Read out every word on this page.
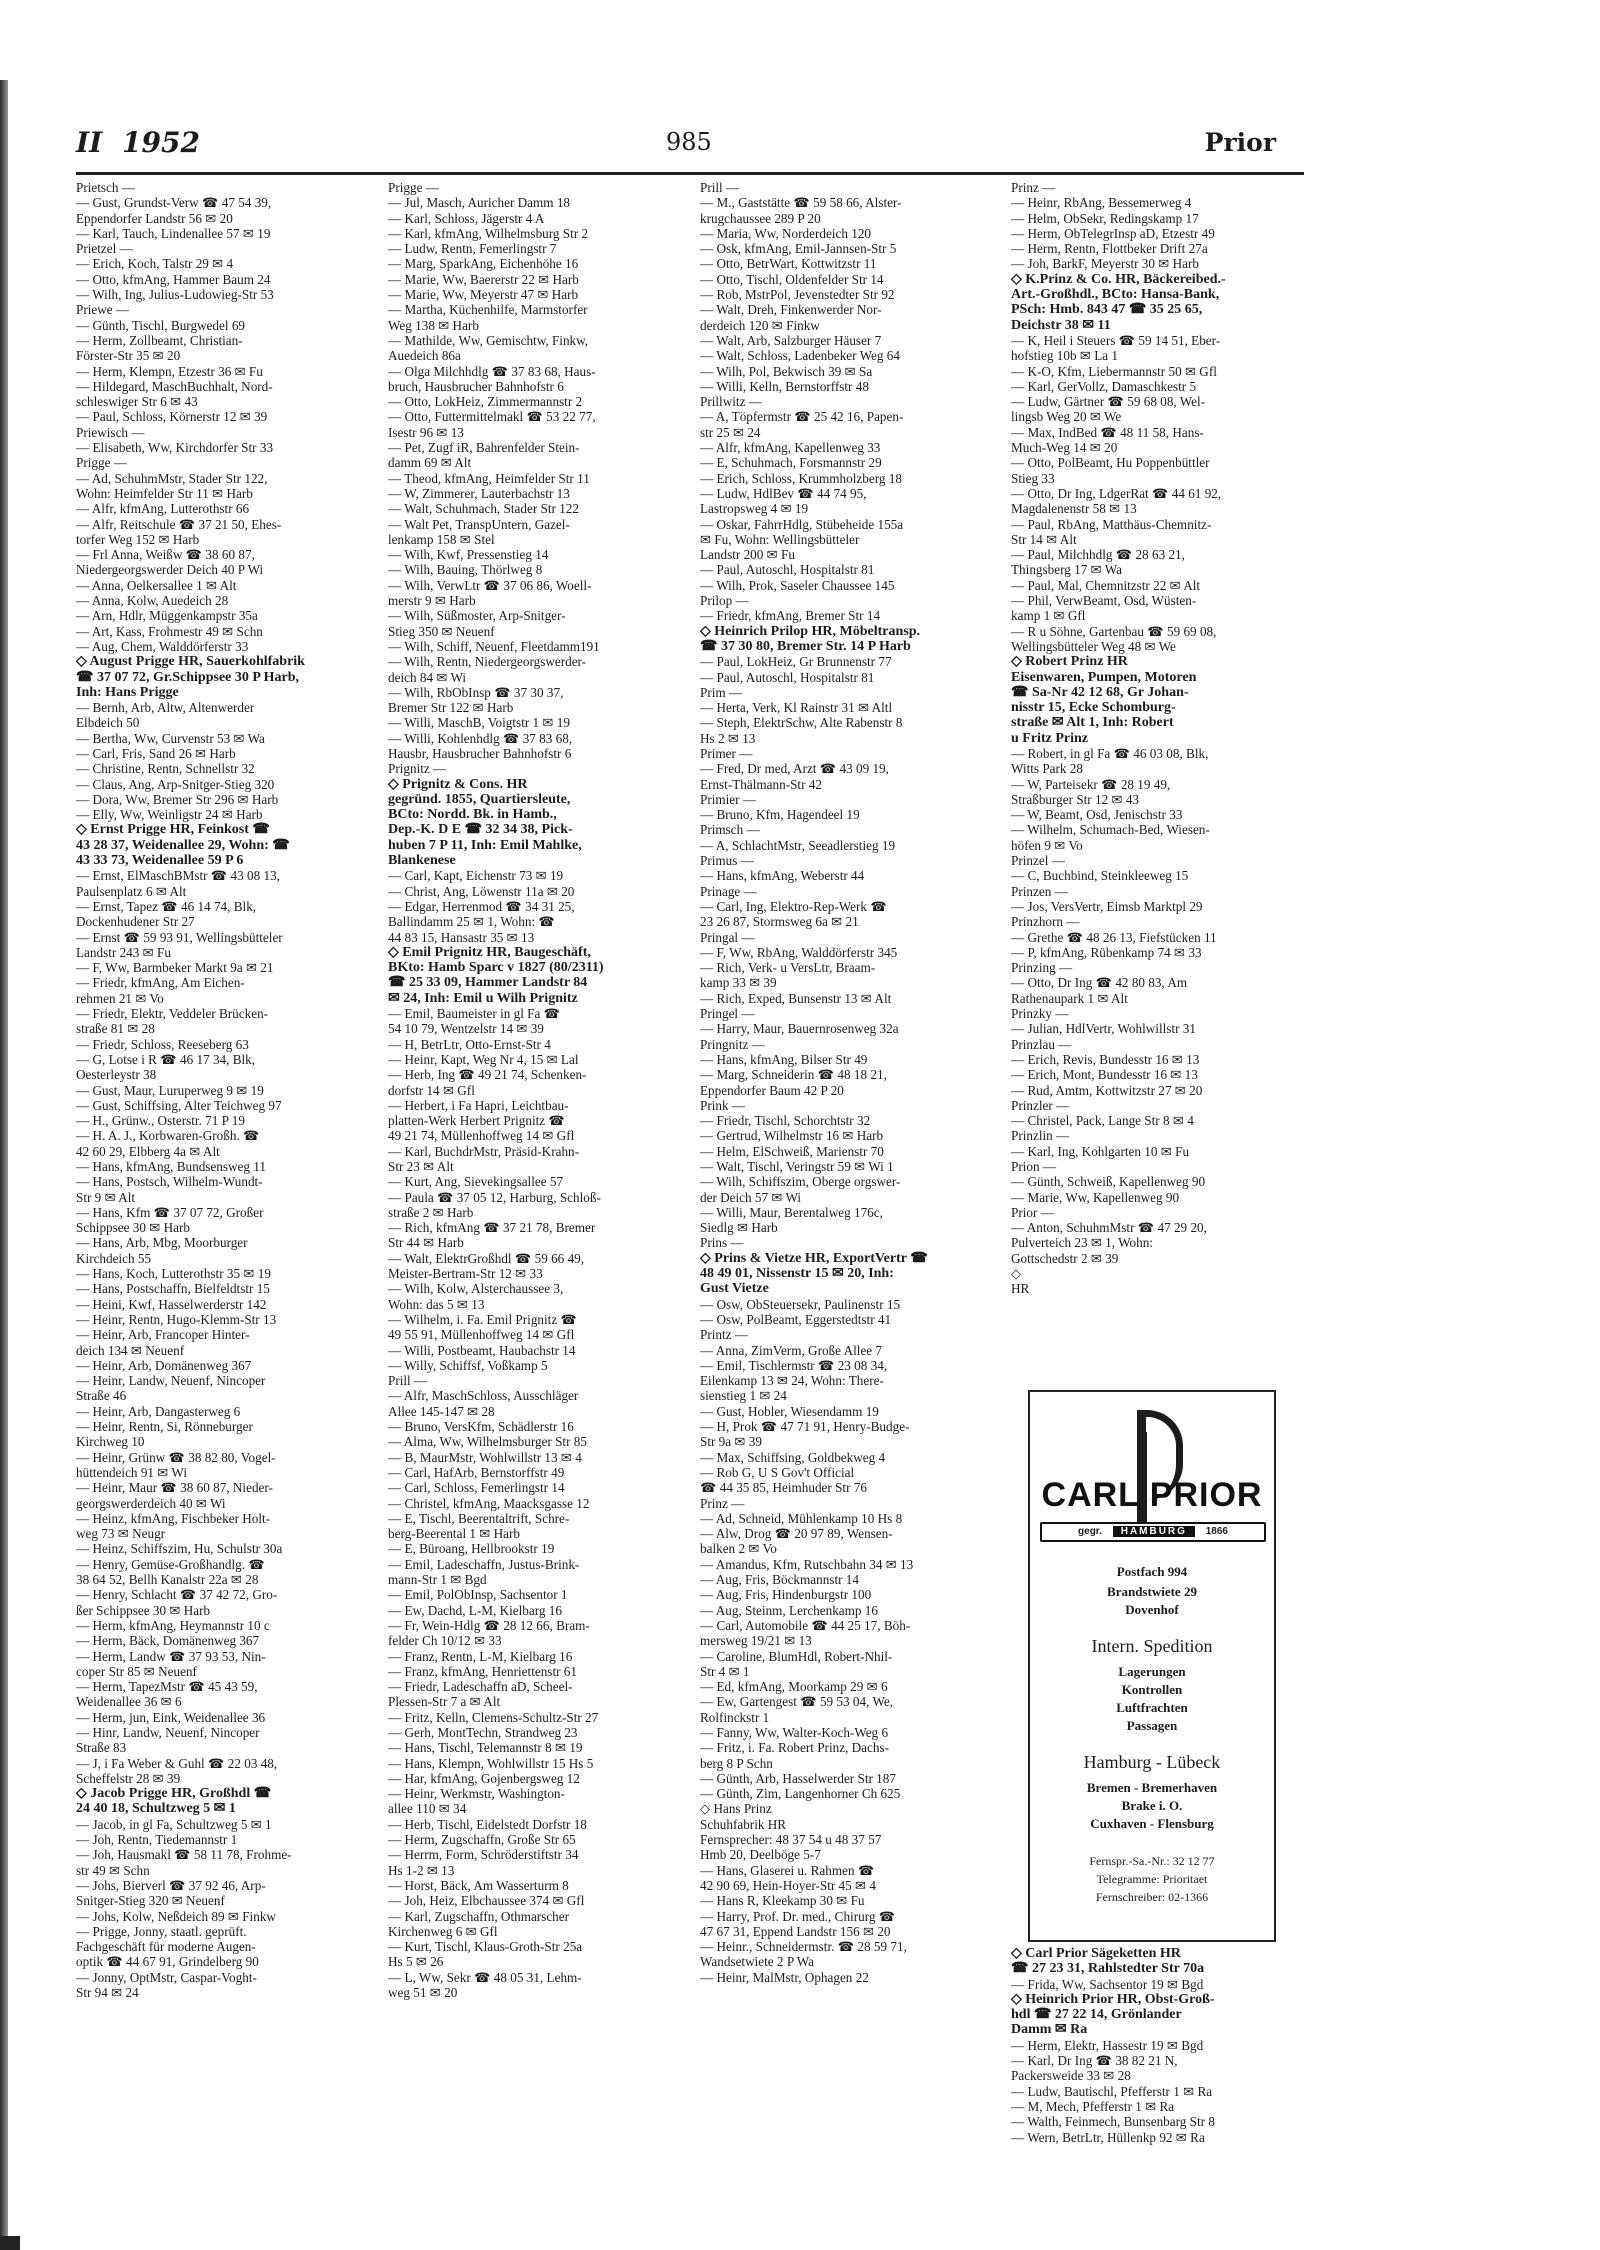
II 1952	985	Prior
Prietsch —
— Gust, Grundst-Verw ☎ 47 54 39,
Eppendorfer Landstr 56 ✉ 20
— Karl, Tauch, Lindenallee 57 ✉ 19
Prietzel —
— Erich, Koch, Talstr 29 ✉ 4
— Otto, kfmAng, Hammer Baum 24
— Wilh, Ing, Julius-Ludowieg-Str 53
Priewe —
— Günth, Tischl, Burgwedel 69
— Herm, Zollbeamt, Christian-
Förster-Str 35 ✉ 20
— Herm, Klempn, Etzestr 36 ✉ Fu
— Hildegard, MaschBuchhalt, Nord-
schleswiger Str 6 ✉ 43
— Paul, Schloss, Körnerstr 12 ✉ 39
Priewisch —
— Elisabeth, Ww, Kirchdorfer Str 33
Prigge —
— Ad, SchuhmMstr, Stader Str 122,
Wohn: Heimfelder Str 11 ✉ Harb
— Alfr, kfmAng, Lutterothstr 66
— Alfr, Reitschule ☎ 37 21 50, Ehes-
torfer Weg 152 ✉ Harb
— Frl Anna, Weißw ☎ 38 60 87,
Niedergeorgswerder Deich 40 P Wi
— Anna, Oelkersallee 1 ✉ Alt
— Anna, Kolw, Auedeich 28
— Arn, Hdlr, Müggenkampstr 35a
— Art, Kass, Frohmestr 49 ✉ Schn
— Aug, Chem, Walddörferstr 33
◇ August Prigge HR, Sauerkohlfabrik
☎ 37 07 72, Gr.Schippsee 30 P Harb,
Inh: Hans Prigge
— Bernh, Arb, Altw, Altenwerder
Elbdeich 50
— Bertha, Ww, Curvenstr 53 ✉ Wa
— Carl, Fris, Sand 26 ✉ Harb
— Christine, Rentn, Schnellstr 32
— Claus, Ang, Arp-Snitger-Stieg 320
— Dora, Ww, Bremer Str 296 ✉ Harb
— Elly, Ww, Weinligstr 24 ✉ Harb
◇ Ernst Prigge HR, Feinkost ☎
43 28 37, Weidenallee 29, Wohn: ☎
43 33 73, Weidenallee 59 P 6
— Ernst, ElMaschBMstr ☎ 43 08 13,
Paulsenplatz 6 ✉ Alt
— Ernst, Tapez ☎ 46 14 74, Blk,
Dockenhudener Str 27
— Ernst ☎ 59 93 91, Wellingsbütteler
Landstr 243 ✉ Fu
— F, Ww, Barmbeker Markt 9a ✉ 21
— Friedr, kfmAng, Am Eichen-
rehmen 21 ✉ Vo
— Friedr, Elektr, Veddeler Brücken-
straße 81 ✉ 28
— Friedr, Schloss, Reeseberg 63
— G, Lotse i R ☎ 46 17 34, Blk,
Oesterleystr 38
— Gust, Maur, Luruperweg 9 ✉ 19
— Gust, Schiffsing, Alter Teichweg 97
— H., Grünw., Osterstr. 71 P 19
— H. A. J., Korbwaren-Großh. ☎
42 60 29, Elbberg 4a ✉ Alt
— Hans, kfmAng, Bundsensweg 11
— Hans, Postsch, Wilhelm-Wundt-
Str 9 ✉ Alt
— Hans, Kfm ☎ 37 07 72, Großer
Schippsee 30 ✉ Harb
— Hans, Arb, Mbg, Moorburger
Kirchdeich 55
— Hans, Koch, Lutterothstr 35 ✉ 19
— Hans, Postschaffn, Bielfeldtstr 15
— Heini, Kwf, Hasselwerderstr 142
— Heinr, Rentn, Hugo-Klemm-Str 13
— Heinr, Arb, Francoper Hinter-
deich 134 ✉ Neuenf
— Heinr, Arb, Domänenweg 367
— Heinr, Landw, Neuenf, Nincoper
Straße 46
— Heinr, Arb, Dangasterweg 6
— Heinr, Rentn, Si, Rönneburger
Kirchweg 10
— Heinr, Grünw ☎ 38 82 80, Vogel-
hüttendeich 91 ✉ Wi
— Heinr, Maur ☎ 38 60 87, Nieder-
georgswerderdeich 40 ✉ Wi
— Heinz, kfmAng, Fischbeker Holt-
weg 73 ✉ Neugr
— Heinz, Schiffszim, Hu, Schulstr 30a
— Henry, Gemüse-Großhandlg. ☎
38 64 52, Bellh Kanalstr 22a ✉ 28
— Henry, Schlacht ☎ 37 42 72, Gro-
ßer Schippsee 30 ✉ Harb
— Herm, kfmAng, Heymannstr 10 c
— Herm, Bäck, Domänenweg 367
— Herm, Landw ☎ 37 93 53, Nin-
coper Str 85 ✉ Neuenf
— Herm, TapezMstr ☎ 45 43 59,
Weidenallee 36 ✉ 6
— Herm, jun, Eink, Weidenallee 36
— Hinr, Landw, Neuenf, Nincoper
Straße 83
— J, i Fa Weber & Guhl ☎ 22 03 48,
Scheffelstr 28 ✉ 39
◇ Jacob Prigge HR, Großhdl ☎
24 40 18, Schultzweg 5 ✉ 1
— Jacob, in gl Fa, Schultzweg 5 ✉ 1
— Joh, Rentn, Tiedemannstr 1
— Joh, Hausmakl ☎ 58 11 78, Frohme-
str 49 ✉ Schn
— Johs, Bierverl ☎ 37 92 46, Arp-
Snitger-Stieg 320 ✉ Neuenf
— Johs, Kolw, Neßdeich 89 ✉ Finkw
— Prigge, Jonny, staatl. geprüft.
Fachgeschäft für moderne Augen-
optik ☎ 44 67 91, Grindelberg 90
— Jonny, OptMstr, Caspar-Voght-
Str 94 ✉ 24
Prigge —
— Jul, Masch, Auricher Damm 18
— Karl, Schloss, Jägerstr 4 A
— Karl, kfmAng, Wilhelmsburg Str 2
— Ludw, Rentn, Femerlingstr 7
— Marg, SparkAng, Eichenhöhe 16
— Marie, Ww, Baererstr 22 ✉ Harb
— Marie, Ww, Meyerstr 47 ✉ Harb
— Martha, Küchenhilfe, Marmstorfer
Weg 138 ✉ Harb
— Mathilde, Ww, Gemischtw, Finkw,
Auedeich 86a
— Olga Milchhdlg ☎ 37 83 68, Haus-
bruch, Hausbrucher Bahnhofstr 6
— Otto, LokHeiz, Zimmermannstr 2
— Otto, Futtermittelmakl ☎ 53 22 77,
Isestr 96 ✉ 13
— Pet, Zugf iR, Bahrenfelder Stein-
damm 69 ✉ Alt
— Theod, kfmAng, Heimfelder Str 11
— W, Zimmerer, Lauterbachstr 13
— Walt, Schuhmach, Stader Str 122
— Walt Pet, TranspUntern, Gazel-
lenkamp 158 ✉ Stel
— Wilh, Kwf, Pressenstieg 14
— Wilh, Bauing, Thörlweg 8
— Wilh, VerwLtr ☎ 37 06 86, Woell-
merstr 9 ✉ Harb
— Wilh, Süßmoster, Arp-Snitger-
Stieg 350 ✉ Neuenf
— Wilh, Schiff, Neuenf, Fleetdamm191
— Wilh, Rentn, Niedergeorgswerder-
deich 84 ✉ Wi
— Wilh, RbObInsp ☎ 37 30 37,
Bremer Str 122 ✉ Harb
— Willi, MaschB, Voigtstr 1 ✉ 19
— Willi, Kohlenhdlg ☎ 37 83 68,
Hausbr, Hausbrucher Bahnhofstr 6
Prignitz —
◇ Prignitz & Cons. HR
gegründ. 1855, Quartiersleute,
BCto: Nordd. Bk. in Hamb.,
Dep.-K. D E ☎ 32 34 38, Pick-
huben 7 P 11, Inh: Emil Mahlke,
Blankenese
— Carl, Kapt, Eichenstr 73 ✉ 19
— Christ, Ang, Löwenstr 11a ✉ 20
— Edgar, Herrenmod ☎ 34 31 25,
Ballindamm 25 ✉ 1, Wohn: ☎
44 83 15, Hansastr 35 ✉ 13
◇ Emil Prignitz HR, Baugeschäft,
BKto: Hamb Sparc v 1827 (80/2311)
☎ 25 33 09, Hammer Landstr 84
✉ 24, Inh: Emil u Wilh Prignitz
— Emil, Baumeister in gl Fa ☎
54 10 79, Wentzelstr 14 ✉ 39
— H, BetrLtr, Otto-Ernst-Str 4
— Heinr, Kapt, Weg Nr 4, 15 ✉ Lal
— Herb, Ing ☎ 49 21 74, Schenken-
dorfstr 14 ✉ Gfl
— Herbert, i Fa Hapri, Leichtbau-
platten-Werk Herbert Prignitz ☎
49 21 74, Müllenhoffweg 14 ✉ Gfl
— Karl, BuchdrMstr, Präsid-Krahn-
Str 23 ✉ Alt
— Kurt, Ang, Sievekingsallee 57
— Paula ☎ 37 05 12, Harburg, Schloß-
straße 2 ✉ Harb
— Rich, kfmAng ☎ 37 21 78, Bremer
Str 44 ✉ Harb
— Walt, ElektrGroßhdl ☎ 59 66 49,
Meister-Bertram-Str 12 ✉ 33
— Wilh, Kolw, Alsterchaussee 3,
Wohn: das 5 ✉ 13
— Wilhelm, i. Fa. Emil Prignitz ☎
49 55 91, Müllenhoffweg 14 ✉ Gfl
— Willi, Postbeamt, Haubachstr 14
— Willy, Schiffsf, Voßkamp 5
Prill —
— Alfr, MaschSchloss, Ausschläger
Allee 145-147 ✉ 28
— Bruno, VersKfm, Schädlerstr 16
— Alma, Ww, Wilhelmsburger Str 85
— B, MaurMstr, Wohlwillstr 13 ✉ 4
— Carl, HafArb, Bernstorffstr 49
— Carl, Schloss, Femerlingstr 14
— Christel, kfmAng, Maacksgasse 12
— E, Tischl, Beerentaltrift, Schre-
berg-Beerental 1 ✉ Harb
— E, Büroang, Hellbrookstr 19
— Emil, Ladeschaffn, Justus-Brink-
mann-Str 1 ✉ Bgd
— Emil, PolObInsp, Sachsentor 1
— Ew, Dachd, L-M, Kielbarg 16
— Fr, Wein-Hdlg ☎ 28 12 66, Bram-
felder Ch 10/12 ✉ 33
— Franz, Rentn, L-M, Kielbarg 16
— Franz, kfmAng, Henriettenstr 61
— Friedr, Ladeschaffn aD, Scheel-
Plessen-Str 7 a ✉ Alt
— Fritz, Kelln, Clemens-Schultz-Str 27
— Gerh, MontTechn, Strandweg 23
— Hans, Tischl, Telemannstr 8 ✉ 19
— Hans, Klempn, Wohlwillstr 15 Hs 5
— Har, kfmAng, Gojenbergsweg 12
— Heinr, Werkmstr, Washington-
allee 110 ✉ 34
— Herb, Tischl, Eidelstedt Dorfstr 18
— Herm, Zugschaffn, Große Str 65
— Herrm, Form, Schröderstiftstr 34
Hs 1-2 ✉ 13
— Horst, Bäck, Am Wasserturm 8
— Joh, Heiz, Elbchaussee 374 ✉ Gfl
— Karl, Zugschaffn, Othmarscher
Kirchenweg 6 ✉ Gfl
— Kurt, Tischl, Klaus-Groth-Str 25a
Hs 5 ✉ 26
— L, Ww, Sekr ☎ 48 05 31, Lehm-
weg 51 ✉ 20
Prill —
— M., Gaststätte ☎ 59 58 66, Alster-
krugchaussee 289 P 20
— Maria, Ww, Norderdeich 120
— Osk, kfmAng, Emil-Jannsen-Str 5
— Otto, BetrWart, Kottwitzstr 11
— Otto, Tischl, Oldenfelder Str 14
— Rob, MstrPol, Jevenstedter Str 92
— Walt, Dreh, Finkenwerder Nor-
derdeich 120 ✉ Finkw
— Walt, Arb, Salzburger Häuser 7
— Walt, Schloss, Ladenbeker Weg 64
— Wilh, Pol, Bekwisch 39 ✉ Sa
— Willi, Kelln, Bernstorffstr 48
Prillwitz —
— A, Töpfermstr ☎ 25 42 16, Papen-
str 25 ✉ 24
— Alfr, kfmAng, Kapellenweg 33
— E, Schuhmach, Forsmannstr 29
— Erich, Schloss, Krummholzberg 18
— Ludw, HdlBev ☎ 44 74 95,
Lastropsweg 4 ✉ 19
— Oskar, FahrrHdlg, Stübeheide 155a
✉ Fu, Wohn: Wellingsbütteler
Landstr 200 ✉ Fu
— Paul, Autoschl, Hospitalstr 81
— Wilh, Prok, Saseler Chaussee 145
Prilop —
— Friedr, kfmAng, Bremer Str 14
◇ Heinrich Prilop HR, Möbeltransp.
☎ 37 30 80, Bremer Str. 14 P Harb
— Paul, LokHeiz, Gr Brunnenstr 77
— Paul, Autoschl, Hospitalstr 81
Prim —
— Herta, Verk, Kl Rainstr 31 ✉ Altl
— Steph, ElektrSchw, Alte Rabenstr 8
Hs 2 ✉ 13
Primer —
— Fred, Dr med, Arzt ☎ 43 09 19,
Ernst-Thälmann-Str 42
Primier —
— Bruno, Kfm, Hagendeel 19
Primsch —
— A, SchlachtMstr, Seeadlerstieg 19
Primus —
— Hans, kfmAng, Weberstr 44
Prinage —
— Carl, Ing, Elektro-Rep-Werk ☎
23 26 87, Stormsweg 6a ✉ 21
Pringal —
— F, Ww, RbAng, Walddörferstr 345
— Rich, Verk- u VersLtr, Braam-
kamp 33 ✉ 39
— Rich, Exped, Bunsenstr 13 ✉ Alt
Pringel —
— Harry, Maur, Bauernrosenweg 32a
Pringnitz —
— Hans, kfmAng, Bilser Str 49
— Marg, Schneiderin ☎ 48 18 21,
Eppendorfer Baum 42 P 20
Prink —
— Friedr, Tischl, Schorchtstr 32
— Gertrud, Wilhelmstr 16 ✉ Harb
— Helm, ElSchweiß, Marienstr 70
— Walt, Tischl, Veringstr 59 ✉ Wi 1
— Wilh, Schiffszim, Oberge orgswer-
der Deich 57 ✉ Wi
— Willi, Maur, Berentalweg 176c,
Siedlg ✉ Harb
Prins —
◇ Prins & Vietze HR, ExportVertr ☎
48 49 01, Nissenstr 15 ✉ 20, Inh:
Gust Vietze
— Osw, ObSteuersekr, Paulinenstr 15
— Osw, PolBeamt, Eggerstedtstr 41
Printz —
— Anna, ZimVerm, Große Allee 7
— Emil, Tischlermstr ☎ 23 08 34,
Eilenkamp 13 ✉ 24, Wohn: There-
sienstieg 1 ✉ 24
— Gust, Hobler, Wiesendamm 19
— H, Prok ☎ 47 71 91, Henry-Budge-
Str 9a ✉ 39
— Max, Schiffsing, Goldbekweg 4
— Rob G, U S Gov't Official
☎ 44 35 85, Heimhuder Str 76
Prinz —
— Ad, Schneid, Mühlenkamp 10 Hs 8
— Alw, Drog ☎ 20 97 89, Wensen-
balken 2 ✉ Vo
— Amandus, Kfm, Rutschbahn 34 ✉ 13
— Aug, Fris, Böckmannstr 14
— Aug, Fris, Hindenburgstr 100
— Aug, Steinm, Lerchenkamp 16
— Carl, Automobile ☎ 44 25 17, Böh-
mersweg 19/21 ✉ 13
— Caroline, BlumHdl, Robert-Nhil-
Str 4 ✉ 1
— Ed, kfmAng, Moorkamp 29 ✉ 6
— Ew, Gartengest ☎ 59 53 04, We,
Rolfinckstr 1
— Fanny, Ww, Walter-Koch-Weg 6
— Fritz, i. Fa. Robert Prinz, Dachs-
berg 8 P Schn
— Günth, Arb, Hasselwerder Str 187
— Günth, Zim, Langenhorner Ch 625
◇ Hans Prinz
Schuhfabrik HR
Fernsprecher: 48 37 54 u 48 37 57
Hmb 20, Deelböge 5-7
— Hans, Glaserei u. Rahmen ☎
42 90 69, Hein-Hoyer-Str 45 ✉ 4
— Hans R, Kleekamp 30 ✉ Fu
— Harry, Prof. Dr. med., Chirurg ☎
47 67 31, Eppend Landstr 156 ✉ 20
— Heinr., Schneidermstr. ☎ 28 59 71,
Wandsetwiete 2 P Wa
— Heinr, MalMstr, Ophagen 22
Prinz —
— Heinr, RbAng, Bessemerweg 4
— Helm, ObSekr, Redingskamp 17
— Herm, ObTelegrInsp aD, Etzestr 49
— Herm, Rentn, Flottbeker Drift 27a
— Joh, BarkF, Meyerstr 30 ✉ Harb
◇ K.Prinz & Co. HR, Bäckereibed.-
Art.-Großhdl., BCto: Hansa-Bank,
PSch: Hmb. 843 47 ☎ 35 25 65,
Deichstr 38 ✉ 11
— K, Heil i Steuers ☎ 59 14 51, Eber-
hofstieg 10b ✉ La 1
— K-O, Kfm, Liebermannstr 50 ✉ Gfl
— Karl, GerVollz, Damaschkestr 5
— Ludw, Gärtner ☎ 59 68 08, Wel-
lingsb Weg 20 ✉ We
— Max, IndBed ☎ 48 11 58, Hans-
Much-Weg 14 ✉ 20
— Otto, PolBeamt, Hu Poppenbüttler
Stieg 33
— Otto, Dr Ing, LdgerRat ☎ 44 61 92,
Magdalenenstr 58 ✉ 13
— Paul, RbAng, Matthäus-Chemnitz-
Str 14 ✉ Alt
— Paul, Milchhdlg ☎ 28 63 21,
Thingsberg 17 ✉ Wa
— Paul, Mal, Chemnitzstr 22 ✉ Alt
— Phil, VerwBeamt, Osd, Wüsten-
kamp 1 ✉ Gfl
— R u Söhne, Gartenbau ☎ 59 69 08,
Wellingsbütteler Weg 48 ✉ We
◇ Robert Prinz HR
Eisenwaren, Pumpen, Motoren
☎ Sa-Nr 42 12 68, Gr Johan-
nisstr 15, Ecke Schomburg-
straße ✉ Alt 1, Inh: Robert
u Fritz Prinz
— Robert, in gl Fa ☎ 46 03 08, Blk,
Witts Park 28
— W, Parteisekr ☎ 28 19 49,
Straßburger Str 12 ✉ 43
— W, Beamt, Osd, Jenischstr 33
— Wilhelm, Schumach-Bed, Wiesen-
höfen 9 ✉ Vo
Prinzel —
— C, Buchbind, Steinkleeweg 15
Prinzen —
— Jos, VersVertr, Eimsb Marktpl 29
Prinzhorn —
— Grethe ☎ 48 26 13, Fiefstücken 11
— P, kfmAng, Rübenkamp 74 ✉ 33
Prinzing —
— Otto, Dr Ing ☎ 42 80 83, Am
Rathenaupark 1 ✉ Alt
Prinzky —
— Julian, HdlVertr, Wohlwillstr 31
Prinzlau —
— Erich, Revis, Bundesstr 16 ✉ 13
— Erich, Mont, Bundesstr 16 ✉ 13
— Rud, Amtm, Kottwitzstr 27 ✉ 20
Prinzler —
— Christel, Pack, Lange Str 8 ✉ 4
Prinzlin —
— Karl, Ing, Kohlgarten 10 ✉ Fu
Prion —
— Günth, Schweiß, Kapellenweg 90
— Marie, Ww, Kapellenweg 90
Prior —
— Anton, SchuhmMstr ☎ 47 29 20,
Pulverteich 23 ✉ 1, Wohn:
Gottschedstr 2 ✉ 39
◇
HR
CARL PRIOR
gegr. HAMBURG 1866
Postfach 994
Brandstwiete 29
Dovenhof
Intern. Spedition
Lagerungen
Kontrollen
Luftfrachten
Passagen
Hamburg - Lübeck
Bremen - Bremerhaven
Brake i. O.
Cuxhaven - Flensburg
Fernspr.-Sa.-Nr.: 32 12 77
Telegramme: Prioritaet
Fernschreiber: 02-1366
◇ Carl Prior Sägeketten HR
☎ 27 23 31, Rahlstedter Str 70a
— Frida, Ww, Sachsentor 19 ✉ Bgd
◇ Heinrich Prior HR, Obst-Groß-
hdl ☎ 27 22 14, Grönlander
Damm ✉ Ra
— Herm, Elektr, Hassestr 19 ✉ Bgd
— Karl, Dr Ing ☎ 38 82 21 N,
Packersweide 33 ✉ 28
— Ludw, Bautischl, Pfefferstr 1 ✉ Ra
— M, Mech, Pfefferstr 1 ✉ Ra
— Walth, Feinmech, Bunsenbarg Str 8
— Wern, BetrLtr, Hüllenkp 92 ✉ Ra
